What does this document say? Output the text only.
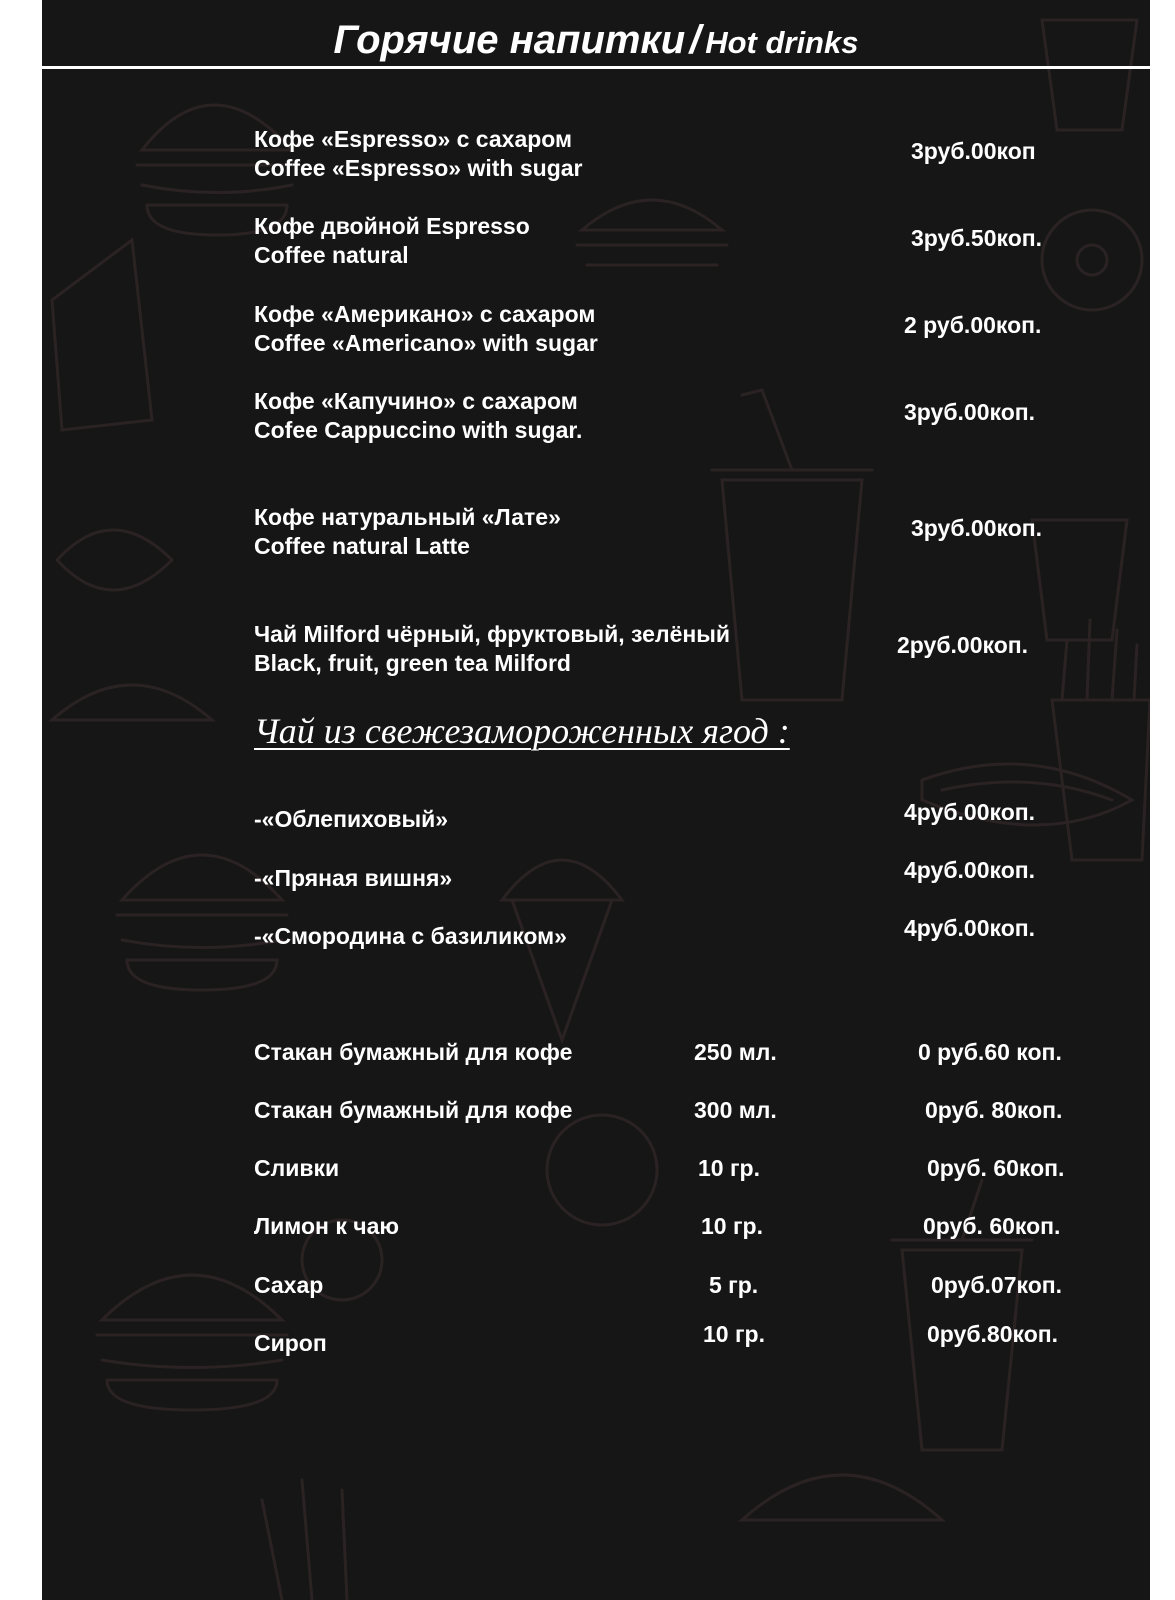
Горячие напитки / Hot drinks
Кофе «Espresso» с сахаром
Coffee «Espresso» with sugar
3руб.00коп
Кофе двойной Espresso
Coffee natural
3руб.50коп.
Кофе «Американо» с сахаром
Coffee «Americano» with sugar
2 руб.00коп.
Кофе «Капучино» с сахаром
Cofee Cappuccino with sugar.
3руб.00коп.
Кофе натуральный «Лате»
Coffee natural Latte
3руб.00коп.
Чай Milford чёрный, фруктовый, зелёный
Black, fruit, green tea Milford
2руб.00коп.
Чай из свежезамороженных ягод :
-«Облепиховый»	4руб.00коп.
-«Пряная вишня»	4руб.00коп.
-«Смородина с базиликом»	4руб.00коп.
Стакан бумажный для кофе	250 мл.	0 руб.60 коп.
Стакан бумажный для кофе	300 мл.	0руб. 80коп.
Сливки	10 гр.	0руб. 60коп.
Лимон к чаю	10 гр.	0руб. 60коп.
Сахар	5 гр.	0руб.07коп.
Сироп	10 гр.	0руб.80коп.
